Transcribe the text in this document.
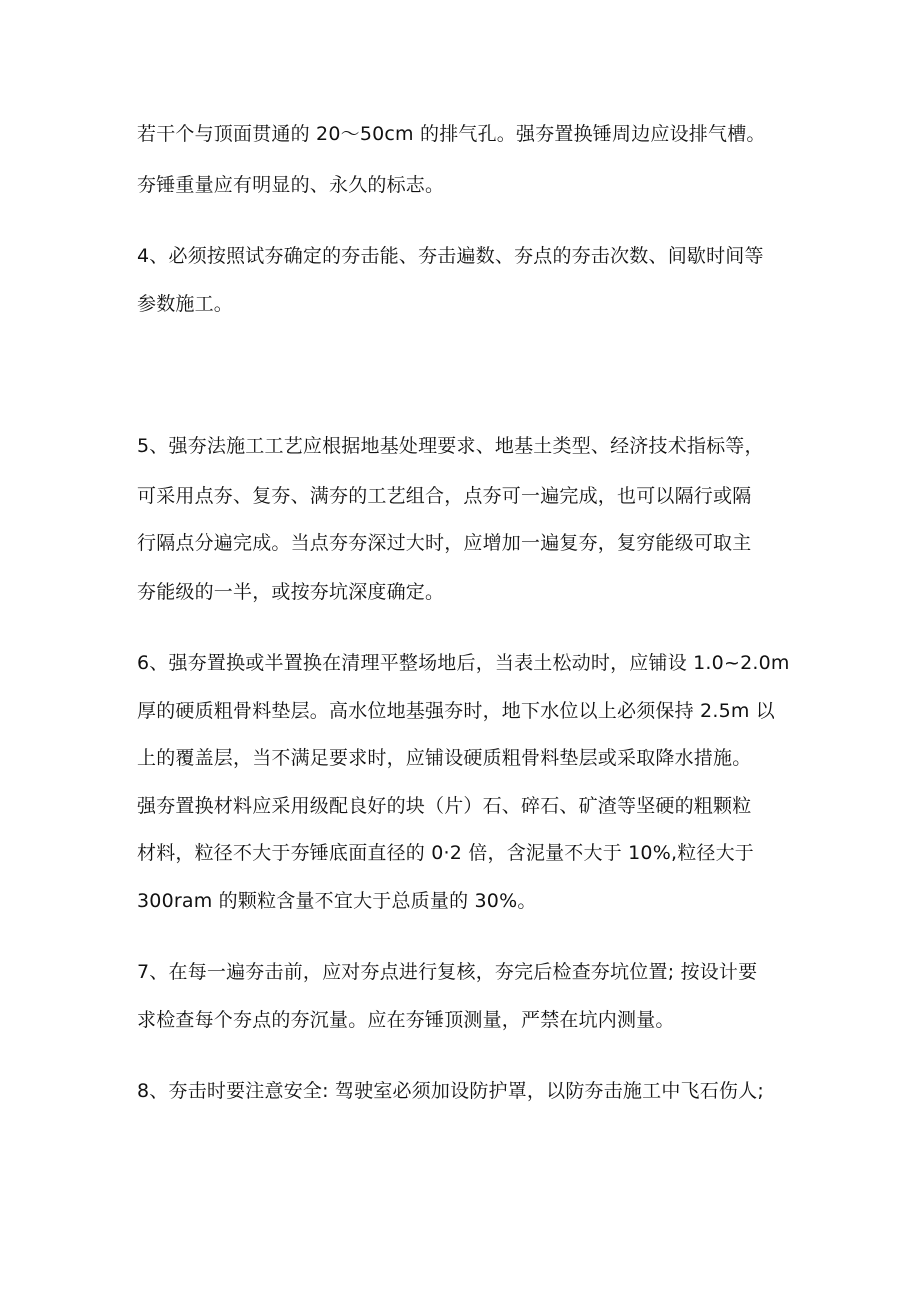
若干个与顶面贯通的 20～50cm 的排气孔。强夯置换锤周边应设排气槽。
夯锤重量应有明显的、永久的标志。
4、必须按照试夯确定的夯击能、夯击遍数、夯点的夯击次数、间歇时间等
参数施工。
5、强夯法施工工艺应根据地基处理要求、地基土类型、经济技术指标等，
可采用点夯、复夯、满夯的工艺组合，点夯可一遍完成，也可以隔行或隔
行隔点分遍完成。当点夯夯深过大时，应增加一遍复夯，复穷能级可取主
夯能级的一半，或按夯坑深度确定。
6、强夯置换或半置换在清理平整场地后，当表土松动时，应铺设 1.0~2.0m
厚的硬质粗骨料垫层。高水位地基强夯时，地下水位以上必须保持 2.5m 以
上的覆盖层，当不满足要求时，应铺设硬质粗骨料垫层或采取降水措施。
强夯置换材料应采用级配良好的块（片）石、碎石、矿渣等坚硬的粗颗粒
材料，粒径不大于夯锤底面直径的 0·2 倍，含泥量不大于 10%,粒径大于
300ram 的颗粒含量不宜大于总质量的 30%。
7、在每一遍夯击前，应对夯点进行复核，夯完后检查夯坑位置; 按设计要
求检查每个夯点的夯沉量。应在夯锤顶测量，严禁在坑内测量。
8、夯击时要注意安全: 驾驶室必须加设防护罩，以防夯击施工中飞石伤人;
